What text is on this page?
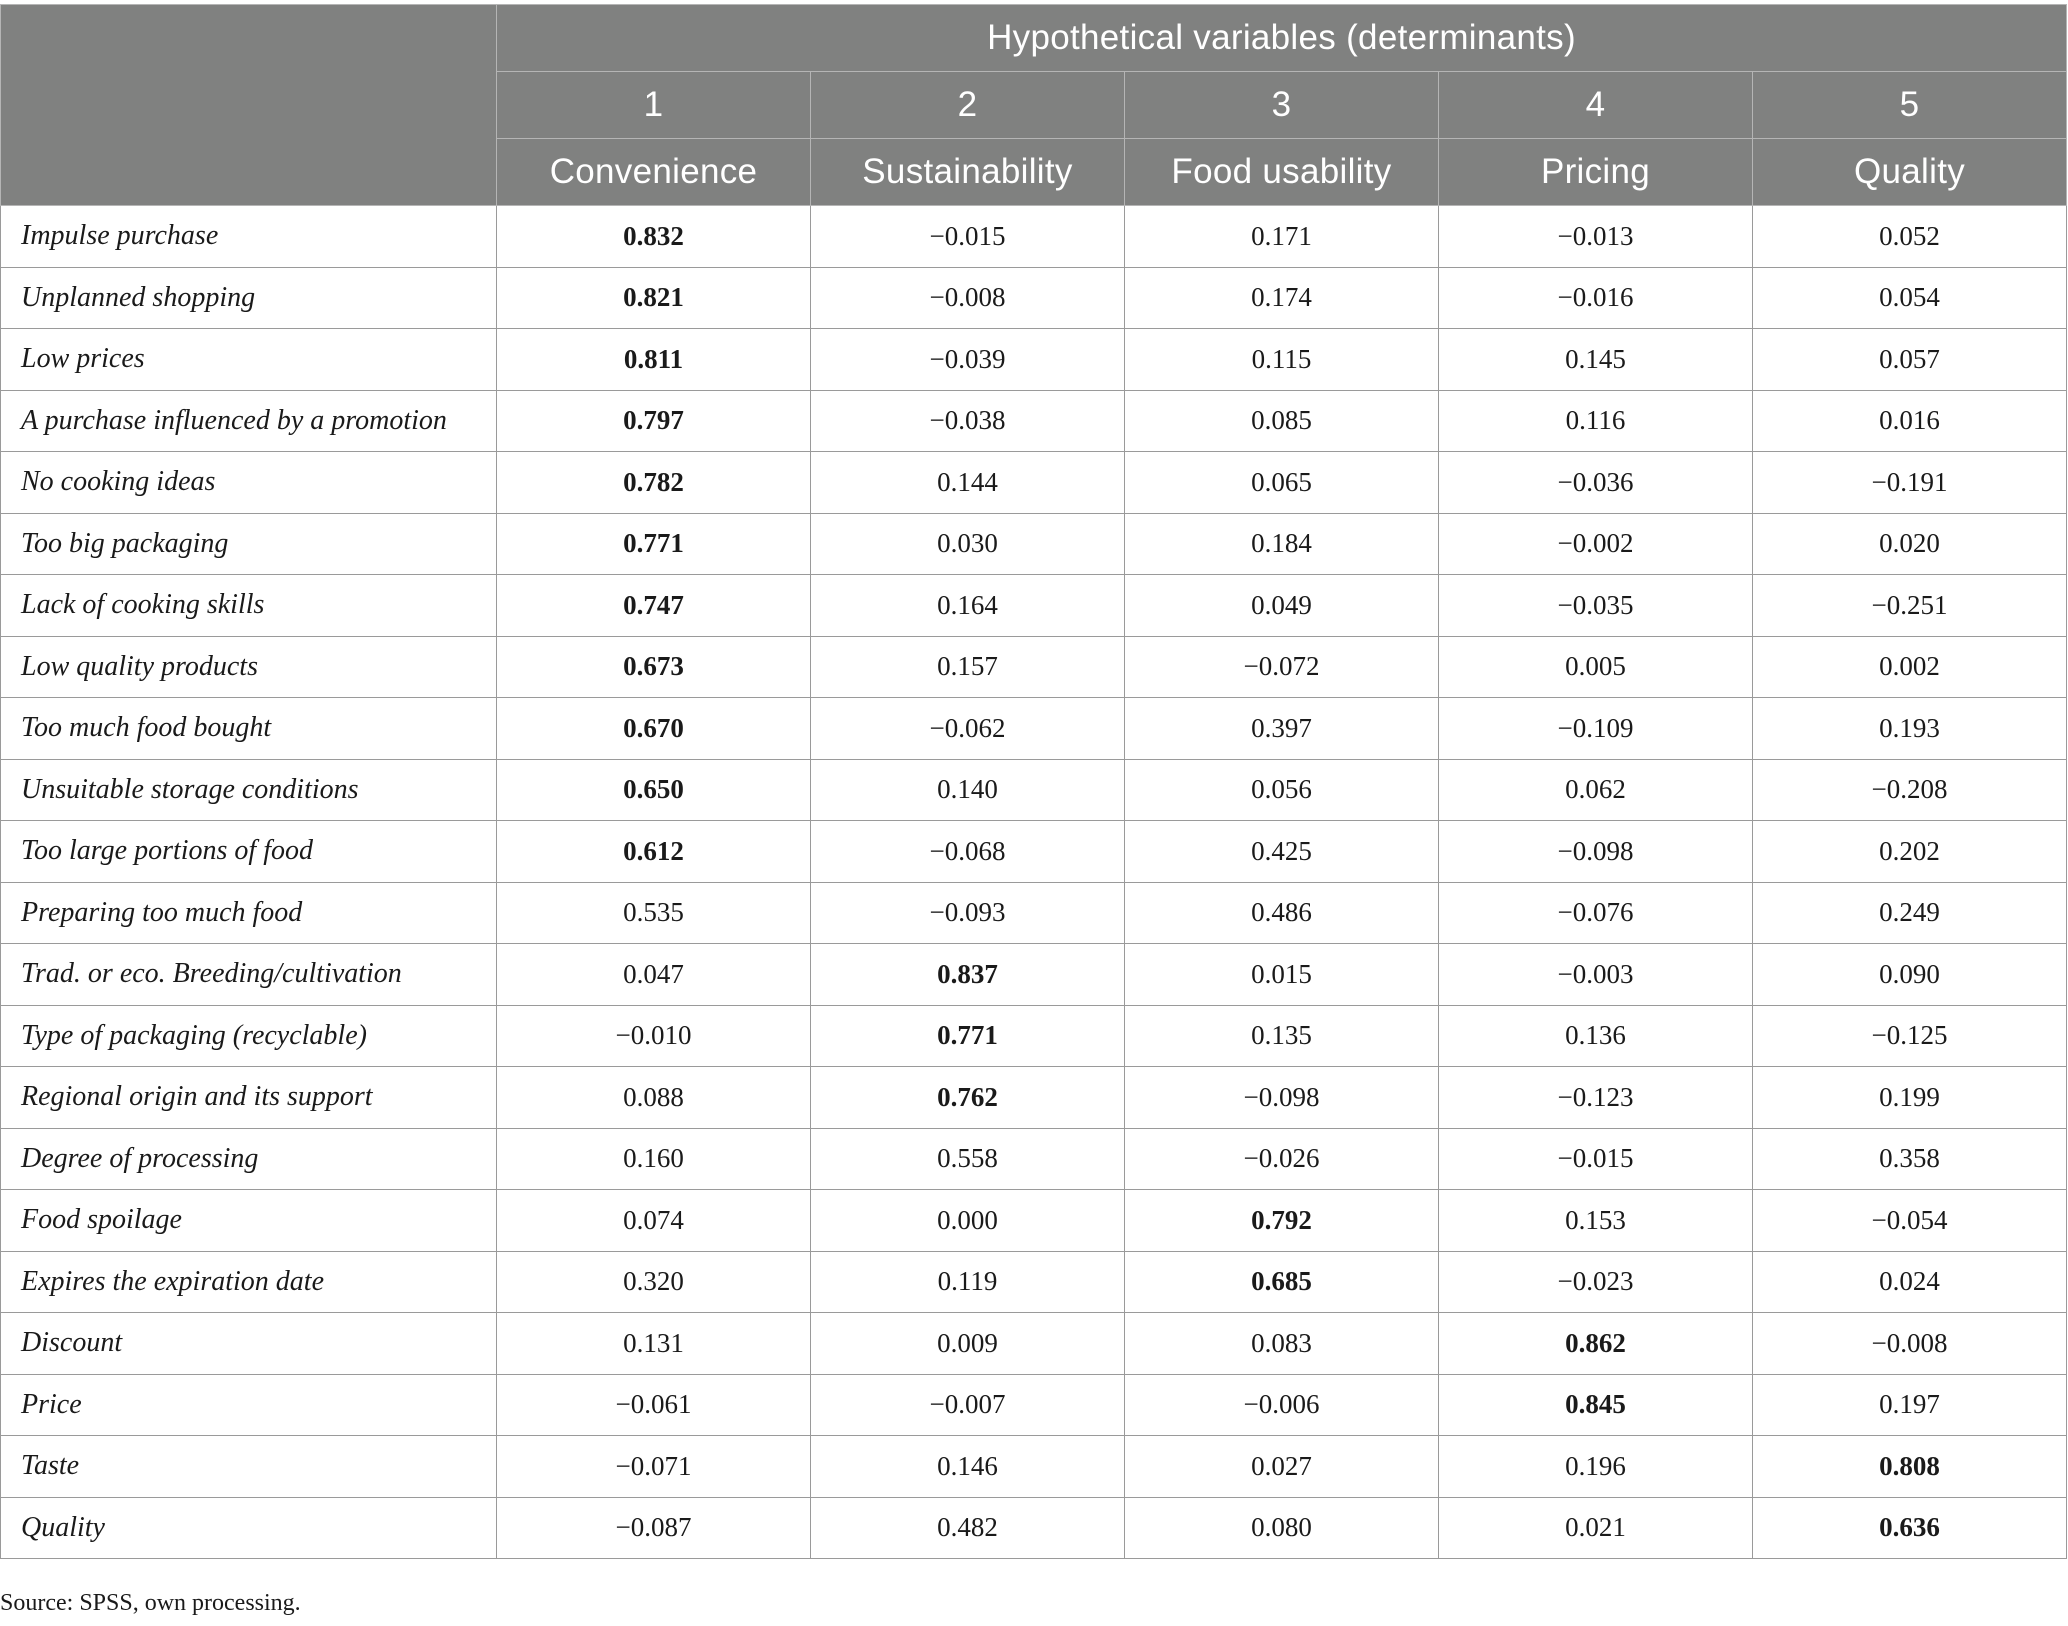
	Hypothetical variables (determinants)				
	1	2	3	4	5
	Convenience	Sustainability	Food usability	Pricing	Quality
Impulse purchase	0.832	−0.015	0.171	−0.013	0.052
Unplanned shopping	0.821	−0.008	0.174	−0.016	0.054
Low prices	0.811	−0.039	0.115	0.145	0.057
A purchase influenced by a promotion	0.797	−0.038	0.085	0.116	0.016
No cooking ideas	0.782	0.144	0.065	−0.036	−0.191
Too big packaging	0.771	0.030	0.184	−0.002	0.020
Lack of cooking skills	0.747	0.164	0.049	−0.035	−0.251
Low quality products	0.673	0.157	−0.072	0.005	0.002
Too much food bought	0.670	−0.062	0.397	−0.109	0.193
Unsuitable storage conditions	0.650	0.140	0.056	0.062	−0.208
Too large portions of food	0.612	−0.068	0.425	−0.098	0.202
Preparing too much food	0.535	−0.093	0.486	−0.076	0.249
Trad. or eco. Breeding/cultivation	0.047	0.837	0.015	−0.003	0.090
Type of packaging (recyclable)	−0.010	0.771	0.135	0.136	−0.125
Regional origin and its support	0.088	0.762	−0.098	−0.123	0.199
Degree of processing	0.160	0.558	−0.026	−0.015	0.358
Food spoilage	0.074	0.000	0.792	0.153	−0.054
Expires the expiration date	0.320	0.119	0.685	−0.023	0.024
Discount	0.131	0.009	0.083	0.862	−0.008
Price	−0.061	−0.007	−0.006	0.845	0.197
Taste	−0.071	0.146	0.027	0.196	0.808
Quality	−0.087	0.482	0.080	0.021	0.636
Source: SPSS, own processing.
